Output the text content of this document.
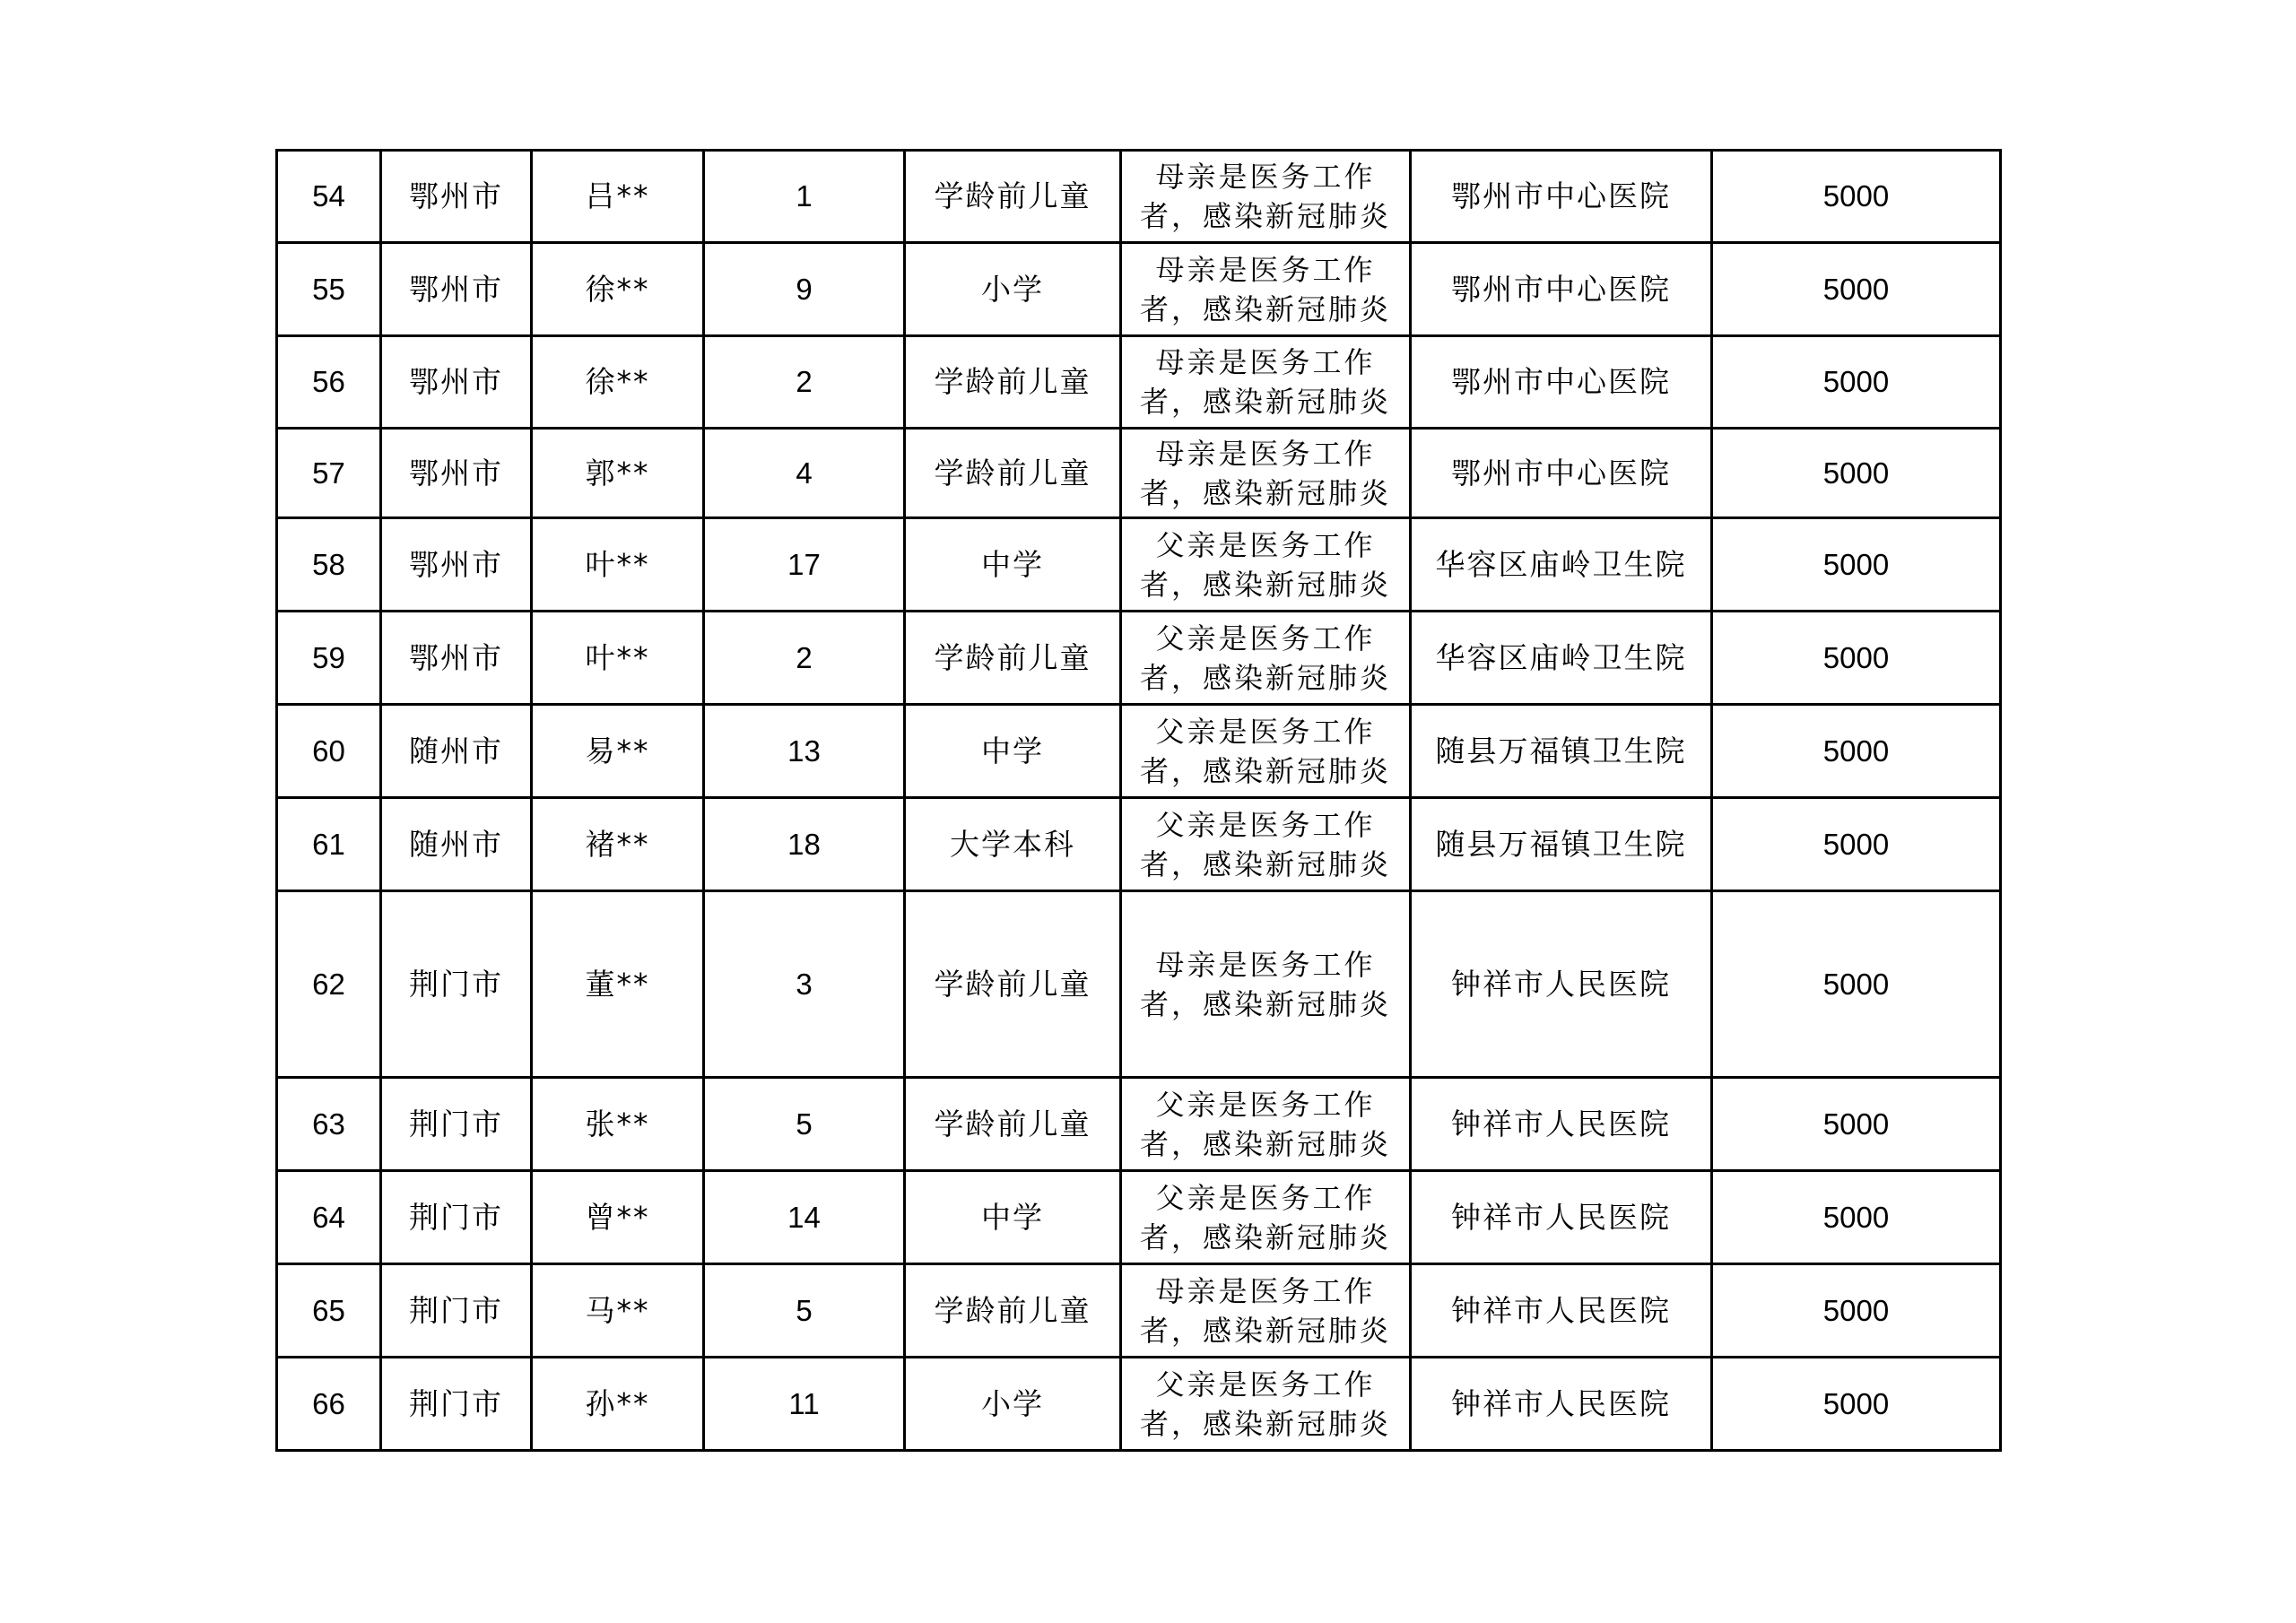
54	鄂州市	吕**	1	学龄前儿童	母亲是医务工作
者，感染新冠肺炎	鄂州市中心医院	5000
55	鄂州市	徐**	9	小学	母亲是医务工作
者，感染新冠肺炎	鄂州市中心医院	5000
56	鄂州市	徐**	2	学龄前儿童	母亲是医务工作
者，感染新冠肺炎	鄂州市中心医院	5000
57	鄂州市	郭**	4	学龄前儿童	母亲是医务工作
者，感染新冠肺炎	鄂州市中心医院	5000
58	鄂州市	叶**	17	中学	父亲是医务工作
者，感染新冠肺炎	华容区庙岭卫生院	5000
59	鄂州市	叶**	2	学龄前儿童	父亲是医务工作
者，感染新冠肺炎	华容区庙岭卫生院	5000
60	随州市	易**	13	中学	父亲是医务工作
者，感染新冠肺炎	随县万福镇卫生院	5000
61	随州市	褚**	18	大学本科	父亲是医务工作
者，感染新冠肺炎	随县万福镇卫生院	5000
62	荆门市	董**	3	学龄前儿童	母亲是医务工作
者，感染新冠肺炎	钟祥市人民医院	5000
63	荆门市	张**	5	学龄前儿童	父亲是医务工作
者，感染新冠肺炎	钟祥市人民医院	5000
64	荆门市	曾**	14	中学	父亲是医务工作
者，感染新冠肺炎	钟祥市人民医院	5000
65	荆门市	马**	5	学龄前儿童	母亲是医务工作
者，感染新冠肺炎	钟祥市人民医院	5000
66	荆门市	孙**	11	小学	父亲是医务工作
者，感染新冠肺炎	钟祥市人民医院	5000
